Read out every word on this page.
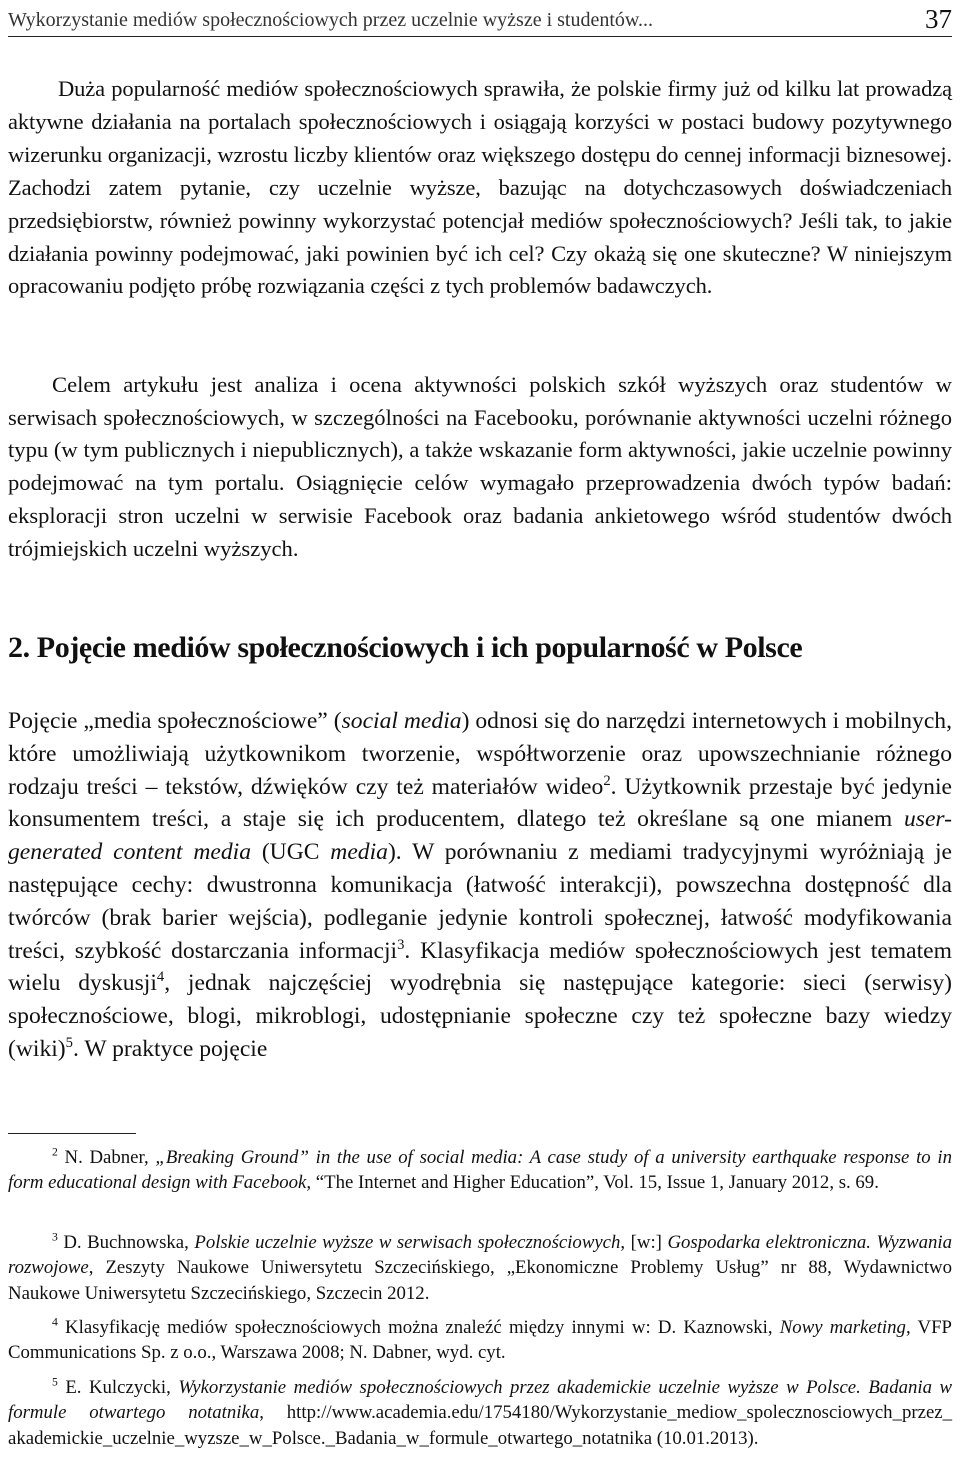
Wykorzystanie mediów społecznościowych przez uczelnie wyższe i studentów...	37

Duża popularność mediów społecznościowych sprawiła, że polskie firmy już od kilku lat prowadzą aktywne działania na portalach społecznościowych i osiągają korzyści w postaci budowy pozytywnego wizerunku organizacji, wzrostu liczby klientów oraz większego dostępu do cennej informacji biznesowej. Zachodzi zatem pytanie, czy uczelnie wyższe, bazując na dotychczasowych doświadczeniach przedsiębiorstw, również powinny wykorzystać potencjał mediów społecznościowych? Jeśli tak, to jakie działania powinny podejmować, jaki powinien być ich cel? Czy okażą się one skuteczne? W niniejszym opracowaniu podjęto próbę rozwiązania części z tych problemów badawczych.

Celem artykułu jest analiza i ocena aktywności polskich szkół wyższych oraz studentów w serwisach społecznościowych, w szczególności na Facebooku, porównanie aktywności uczelni różnego typu (w tym publicznych i niepublicznych), a także wskazanie form aktywności, jakie uczelnie powinny podejmować na tym portalu. Osiągnięcie celów wymagało przeprowadzenia dwóch typów badań: eksploracji stron uczelni w serwisie Facebook oraz badania ankietowego wśród studentów dwóch trójmiejskich uczelni wyższych.

2. Pojęcie mediów społecznościowych i ich popularność w Polsce

Pojęcie „media społecznościowe” (social media) odnosi się do narzędzi internetowych i mobilnych, które umożliwiają użytkownikom tworzenie, współtworzenie oraz upowszechnianie różnego rodzaju treści – tekstów, dźwięków czy też materiałów wideo$^2$. Użytkownik przestaje być jedynie konsumentem treści, a staje się ich producentem, dlatego też określane są one mianem user-generated content media (UGC media). W porównaniu z mediami tradycyjnymi wyróżniają je następujące cechy: dwustronna komunikacja (łatwość interakcji), powszechna dostępność dla twórców (brak barier wejścia), podleganie jedynie kontroli społecznej, łatwość modyfikowania treści, szybkość dostarczania informacji$^3$. Klasyfikacja mediów społecznościowych jest tematem wielu dyskusji$^4$, jednak najczęściej wyodrębnia się następujące kategorie: sieci (serwisy) społecznościowe, blogi, mikroblogi, udostępnianie społeczne czy też społeczne bazy wiedzy (wiki)$^5$. W praktyce pojęcie

$^2$ N. Dabner, „Breaking Ground” in the use of social media: A case study of a university earthquake response to in form educational design with Facebook, “The Internet and Higher Education”, Vol. 15, Issue 1, January 2012, s. 69.

$^3$ D. Buchnowska, Polskie uczelnie wyższe w serwisach społecznościowych, [w:] Gospodarka elektroniczna. Wyzwania rozwojowe, Zeszyty Naukowe Uniwersytetu Szczecińskiego, „Ekonomiczne Problemy Usług” nr 88, Wydawnictwo Naukowe Uniwersytetu Szczecińskiego, Szczecin 2012.

$^4$ Klasyfikację mediów społecznościowych można znaleźć między innymi w: D. Kaznowski, Nowy marketing, VFP Communications Sp. z o.o., Warszawa 2008; N. Dabner, wyd. cyt.

$^5$ E. Kulczycki, Wykorzystanie mediów społecznościowych przez akademickie uczelnie wyższe w Polsce. Badania w formule otwartego notatnika, http://www.academia.edu/1754180/Wykorzystanie_mediow_spolecznosciowych_przez_ akademickie_uczelnie_wyzsze_w_Polsce._Badania_w_formule_otwartego_notatnika (10.01.2013).
